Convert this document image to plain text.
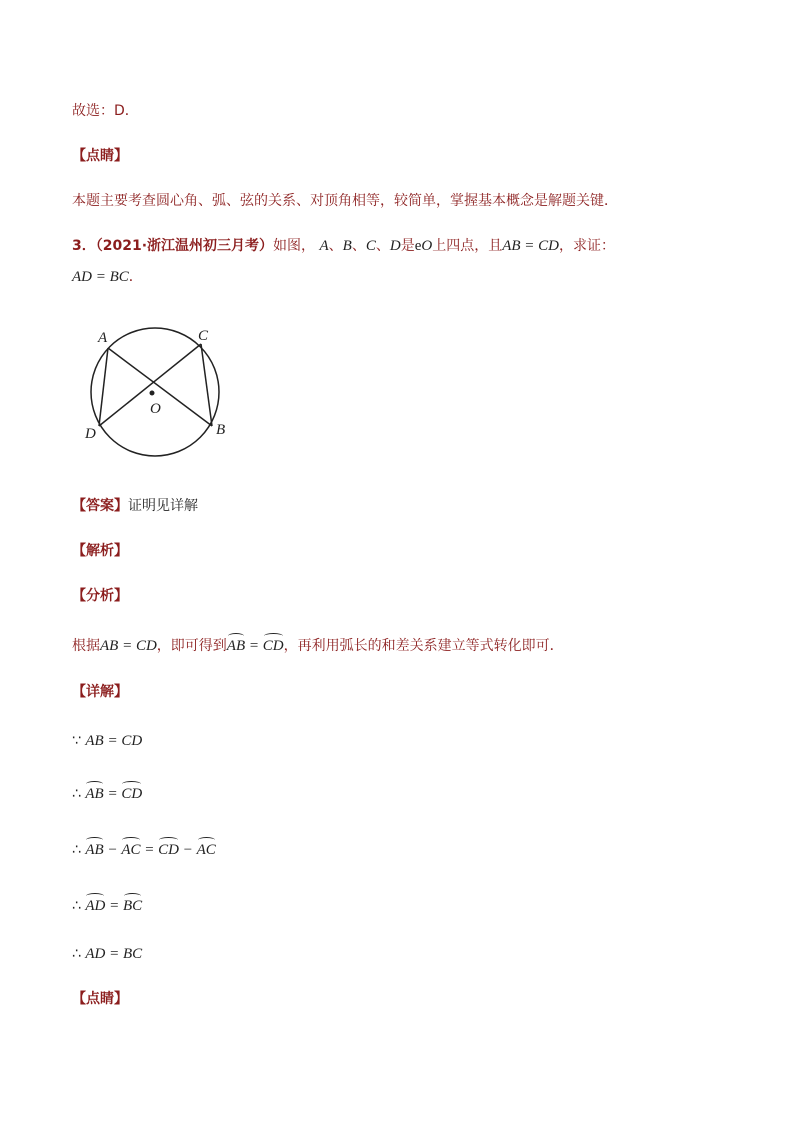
故选：D．
【点睛】
本题主要考查圆心角、弧、弦的关系、对顶角相等，较简单，掌握基本概念是解题关键．
3．（2021·浙江温州初三月考）如图， A、B、C、D是eO上四点，且AB = CD，求证：
AD = BC．
A	C
O
D	B
【答案】证明见详解
【解析】
【分析】
根据AB = CD，即可得到AB = CD，再利用弧长的和差关系建立等式转化即可．
【详解】
∵ AB = CD
∴ AB = CD
∴ AB − AC = CD − AC
∴ AD = BC
∴ AD = BC
【点睛】
